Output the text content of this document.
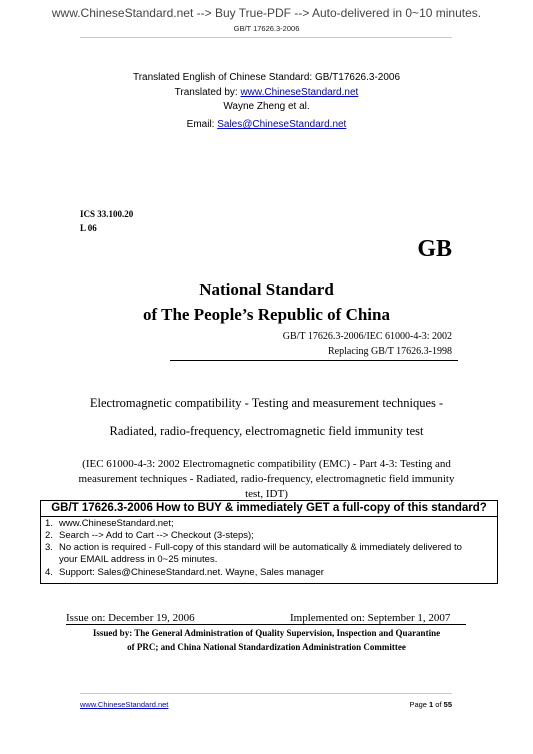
www.ChineseStandard.net --> Buy True-PDF --> Auto-delivered in 0~10 minutes.
GB/T 17626.3-2006
Translated English of Chinese Standard: GB/T17626.3-2006
Translated by: www.ChineseStandard.net
Wayne Zheng et al.
Email: Sales@ChineseStandard.net
ICS 33.100.20
L 06
GB
National Standard
of The People’s Republic of China
GB/T 17626.3-2006/IEC 61000-4-3: 2002
Replacing GB/T 17626.3-1998
Electromagnetic compatibility - Testing and measurement techniques -
Radiated, radio-frequency, electromagnetic field immunity test
(IEC 61000-4-3: 2002 Electromagnetic compatibility (EMC) - Part 4-3: Testing and
measurement techniques - Radiated, radio-frequency, electromagnetic field immunity
test, IDT)
GB/T 17626.3-2006 How to BUY & immediately GET a full-copy of this standard?
1. www.ChineseStandard.net;
2. Search --> Add to Cart --> Checkout (3-steps);
3. No action is required - Full-copy of this standard will be automatically & immediately delivered to
your EMAIL address in 0~25 minutes.
4. Support: Sales@ChineseStandard.net. Wayne, Sales manager
Issue on: December 19, 2006	Implemented on: September 1, 2007
Issued by: The General Administration of Quality Supervision, Inspection and Quarantine
of PRC; and China National Standardization Administration Committee
www.ChineseStandard.net	Page 1 of 55
